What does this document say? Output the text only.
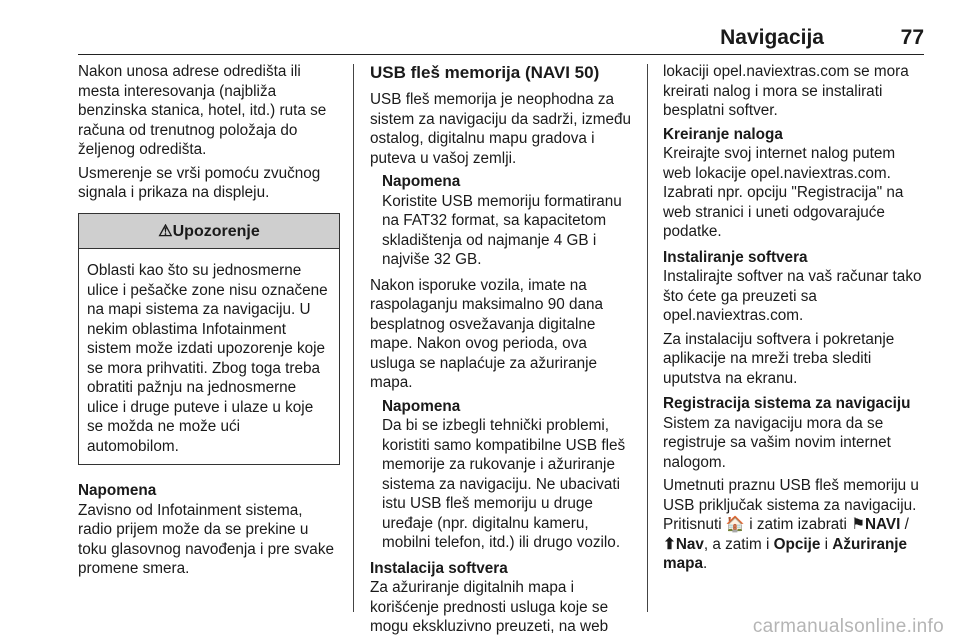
Navigacija	77

Nakon unosa adrese odredišta ili mesta interesovanja (najbliža benzinska stanica, hotel, itd.) ruta se računa od trenutnog položaja do željenog odredišta.

Usmerenje se vrši pomoću zvučnog signala i prikaza na displeju.

⚠Upozorenje
Oblasti kao što su jednosmerne ulice i pešačke zone nisu označene na mapi sistema za navigaciju. U nekim oblastima Infotainment sistem može izdati upozorenje koje se mora prihvatiti. Zbog toga treba obratiti pažnju na jednosmerne ulice i druge puteve i ulaze u koje se možda ne može ući automobilom.
Napomena
Zavisno od Infotainment sistema, radio prijem može da se prekine u toku glasovnog navođenja i pre svake promene smera.
USB fleš memorija (NAVI 50)

USB fleš memorija je neophodna za sistem za navigaciju da sadrži, između ostalog, digitalnu mapu gradova i puteva u vašoj zemlji.

Napomena
Koristite USB memoriju formatiranu na FAT32 format, sa kapacitetom skladištenja od najmanje 4 GB i najviše 32 GB.

Nakon isporuke vozila, imate na raspolaganju maksimalno 90 dana besplatnog osvežavanja digitalne mape. Nakon ovog perioda, ova usluga se naplaćuje za ažuriranje mapa.

Napomena
Da bi se izbegli tehnički problemi, koristiti samo kompatibilne USB fleš memorije za rukovanje i ažuriranje sistema za navigaciju. Ne ubacivati istu USB fleš memoriju u druge uređaje (npr. digitalnu kameru, mobilni telefon, itd.) ili drugo vozilo.
Instalacija softvera

Za ažuriranje digitalnih mapa i korišćenje prednosti usluga koje se mogu ekskluzivno preuzeti, na web

lokaciji opel.naviextras.com se mora kreirati nalog i mora se instalirati besplatni softver.

Kreiranje naloga

Kreirajte svoj internet nalog putem web lokacije opel.naviextras.com. Izabrati npr. opciju "Registracija" na web stranici i uneti odgovarajuće podatke.

Instaliranje softvera

Instalirajte softver na vaš računar tako što ćete ga preuzeti sa opel.naviextras.com.

Za instalaciju softvera i pokretanje aplikacije na mreži treba slediti uputstva na ekranu.

Registracija sistema za navigaciju

Sistem za navigaciju mora da se registruje sa vašim novim internet nalogom.

Umetnuti praznu USB fleš memoriju u USB priključak sistema za navigaciju. Pritisnuti 🏠 i zatim izabrati ⚑NAVI / ⬆Nav, a zatim i Opcije i Ažuriranje mapa.

carmanualsonline.info
